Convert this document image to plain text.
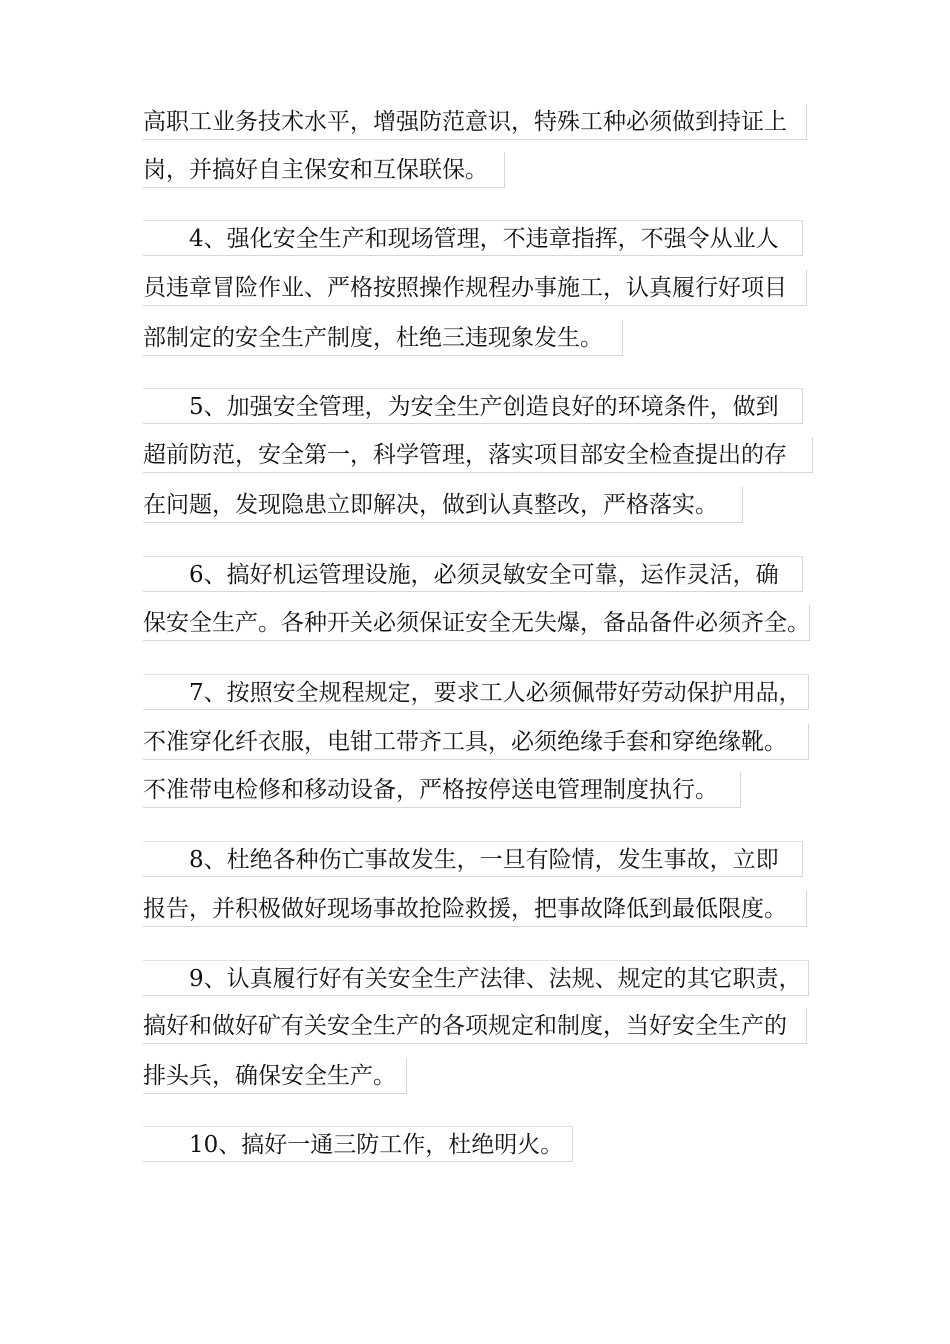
高职工业务技术水平，增强防范意识，特殊工种必须做到持证上
岗，并搞好自主保安和互保联保。
4、强化安全生产和现场管理，不违章指挥，不强令从业人
员违章冒险作业、严格按照操作规程办事施工，认真履行好项目
部制定的安全生产制度，杜绝三违现象发生。
5、加强安全管理，为安全生产创造良好的环境条件，做到
超前防范，安全第一，科学管理，落实项目部安全检查提出的存
在问题，发现隐患立即解决，做到认真整改，严格落实。
6、搞好机运管理设施，必须灵敏安全可靠，运作灵活，确
保安全生产。各种开关必须保证安全无失爆，备品备件必须齐全。
7、按照安全规程规定，要求工人必须佩带好劳动保护用品，
不准穿化纤衣服，电钳工带齐工具，必须绝缘手套和穿绝缘靴。
不准带电检修和移动设备，严格按停送电管理制度执行。
8、杜绝各种伤亡事故发生，一旦有险情，发生事故，立即
报告，并积极做好现场事故抢险救援，把事故降低到最低限度。
9、认真履行好有关安全生产法律、法规、规定的其它职责，
搞好和做好矿有关安全生产的各项规定和制度，当好安全生产的
排头兵，确保安全生产。
10、搞好一通三防工作，杜绝明火。
